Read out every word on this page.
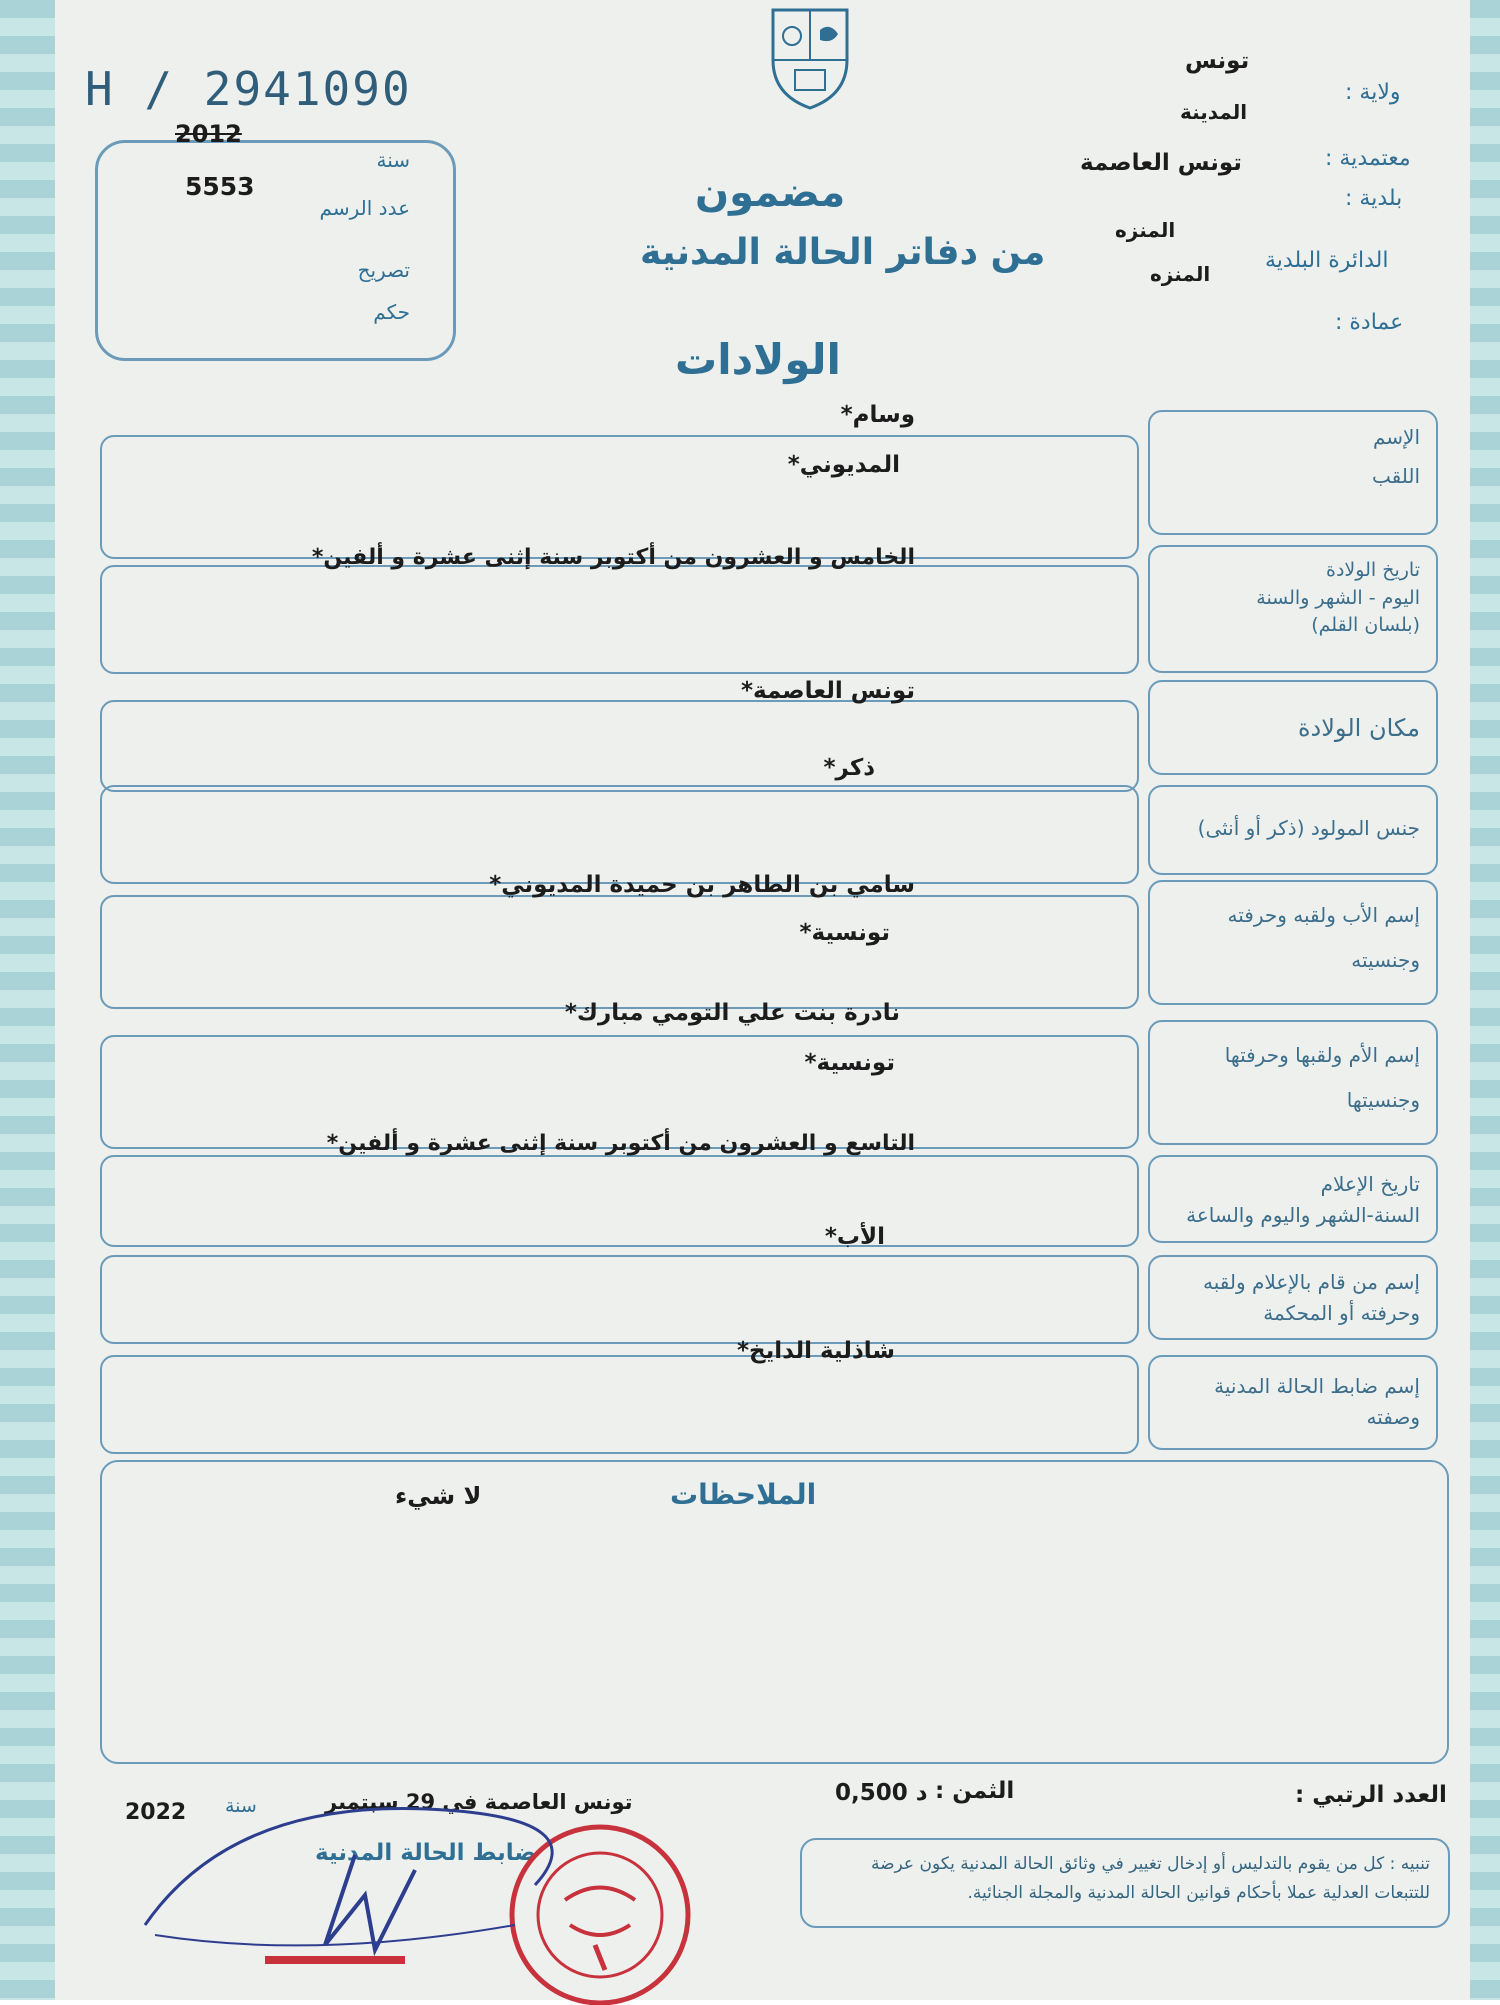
H / 2941090
2012
5553
سنة
عدد الرسم
تصريح
حكم
مضمون
من دفاتر الحالة المدنية
الولادات
ولاية :
تونس
المدينة
معتمدية :
تونس العاصمة
بلدية :
المنزه
الدائرة البلدية
المنزه
عمادة :
الإسم
اللقب
وسام*
المديوني*
تاريخ الولادة
اليوم - الشهر والسنة
(بلسان القلم)
الخامس و العشرون من أكتوبر سنة إثنى عشرة و ألفين*
مكان الولادة
تونس العاصمة*
جنس المولود (ذكر أو أنثى)
ذكر*
إسم الأب ولقبه وحرفته
وجنسيته
سامي بن الطاهر بن حميدة المديوني*
تونسية*
إسم الأم ولقبها وحرفتها
وجنسيتها
نادرة بنت علي التومي مبارك*
تونسية*
تاريخ الإعلام
السنة-الشهر واليوم والساعة
التاسع و العشرون من أكتوبر سنة إثنى عشرة و ألفين*
إسم من قام بالإعلام ولقبه
وحرفته أو المحكمة
الأب*
إسم ضابط الحالة المدنية
وصفته
شاذلية الدايخ*
الملاحظات
لا شيء
العدد الرتبي :
الثمن :
0,500 د
تونس العاصمة في 29 سبتمبر
سنة
2022
ضابط الحالة المدنية	تنبيه : كل من يقوم بالتدليس أو إدخال تغيير في وثائق الحالة المدنية يكون عرضة
للتتبعات العدلية عملا بأحكام قوانين الحالة المدنية والمجلة الجنائية.
